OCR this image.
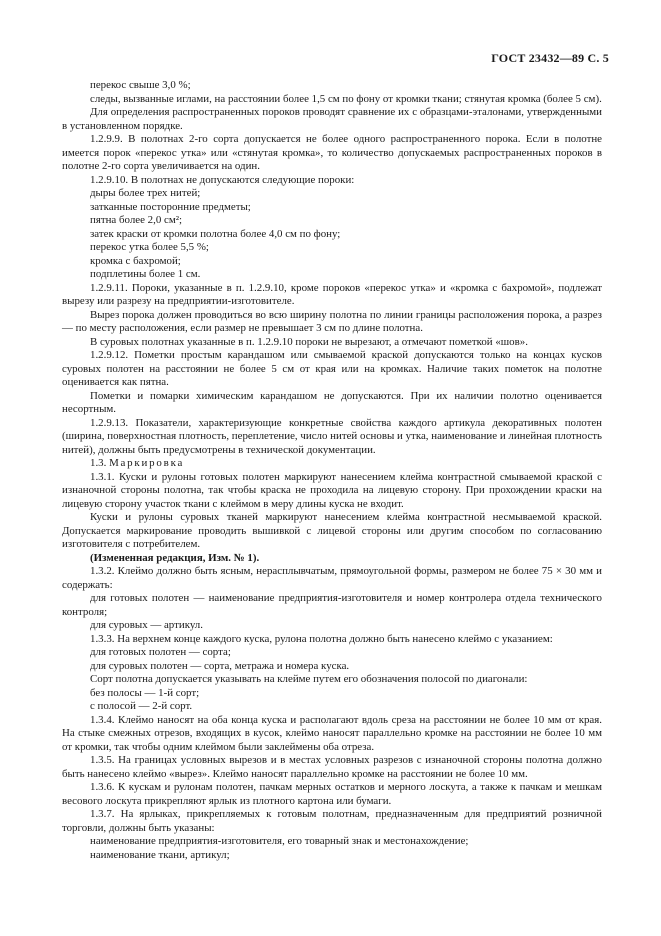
ГОСТ 23432—89 С. 5

перекос свыше 3,0 %;

следы, вызванные иглами, на расстоянии более 1,5 см по фону от кромки ткани; стянутая кромка (более 5 см).

Для определения распространенных пороков проводят сравнение их с образцами-эталонами, утвержденными в установленном порядке.

1.2.9.9. В полотнах 2-го сорта допускается не более одного распространенного порока. Если в полотне имеется порок «перекос утка» или «стянутая кромка», то количество допускаемых распространенных пороков в полотне 2-го сорта увеличивается на один.

1.2.9.10. В полотнах не допускаются следующие пороки:

дыры более трех нитей;

затканные посторонние предметы;

пятна более 2,0 см²;

затек краски от кромки полотна более 4,0 см по фону;

перекос утка более 5,5 %;

кромка с бахромой;

подплетины более 1 см.

1.2.9.11. Пороки, указанные в п. 1.2.9.10, кроме пороков «перекос утка» и «кромка с бахромой», подлежат вырезу или разрезу на предприятии-изготовителе.

Вырез порока должен проводиться во всю ширину полотна по линии границы расположения порока, а разрез — по месту расположения, если размер не превышает 3 см по длине полотна.

В суровых полотнах указанные в п. 1.2.9.10 пороки не вырезают, а отмечают пометкой «шов».

1.2.9.12. Пометки простым карандашом или смываемой краской допускаются только на концах кусков суровых полотен на расстоянии не более 5 см от края или на кромках. Наличие таких пометок на полотне оценивается как пятна.

Пометки и помарки химическим карандашом не допускаются. При их наличии полотно оценивается несортным.

1.2.9.13. Показатели, характеризующие конкретные свойства каждого артикула декоративных полотен (ширина, поверхностная плотность, переплетение, число нитей основы и утка, наименование и линейная плотность нитей), должны быть предусмотрены в технической документации.

1.3. Маркировка

1.3.1. Куски и рулоны готовых полотен маркируют нанесением клейма контрастной смываемой краской с изнаночной стороны полотна, так чтобы краска не проходила на лицевую сторону. При прохождении краски на лицевую сторону участок ткани с клеймом в меру длины куска не входит.

Куски и рулоны суровых тканей маркируют нанесением клейма контрастной несмываемой краской. Допускается маркирование проводить вышивкой с лицевой стороны или другим способом по согласованию изготовителя с потребителем.

(Измененная редакция, Изм. № 1).

1.3.2. Клеймо должно быть ясным, нерасплывчатым, прямоугольной формы, размером не более 75 × 30 мм и содержать:

для готовых полотен — наименование предприятия-изготовителя и номер контролера отдела технического контроля;

для суровых — артикул.

1.3.3. На верхнем конце каждого куска, рулона полотна должно быть нанесено клеймо с указанием:

для готовых полотен — сорта;

для суровых полотен — сорта, метража и номера куска.

Сорт полотна допускается указывать на клейме путем его обозначения полосой по диагонали:

без полосы — 1-й сорт;

с полосой — 2-й сорт.

1.3.4. Клеймо наносят на оба конца куска и располагают вдоль среза на расстоянии не более 10 мм от края. На стыке смежных отрезов, входящих в кусок, клеймо наносят параллельно кромке на расстоянии не более 10 мм от кромки, так чтобы одним клеймом были заклеймены оба отреза.

1.3.5. На границах условных вырезов и в местах условных разрезов с изнаночной стороны полотна должно быть нанесено клеймо «вырез». Клеймо наносят параллельно кромке на расстоянии не более 10 мм.

1.3.6. К кускам и рулонам полотен, пачкам мерных остатков и мерного лоскута, а также к пачкам и мешкам весового лоскута прикрепляют ярлык из плотного картона или бумаги.

1.3.7. На ярлыках, прикрепляемых к готовым полотнам, предназначенным для предприятий розничной торговли, должны быть указаны:

наименование предприятия-изготовителя, его товарный знак и местонахождение;

наименование ткани, артикул;
